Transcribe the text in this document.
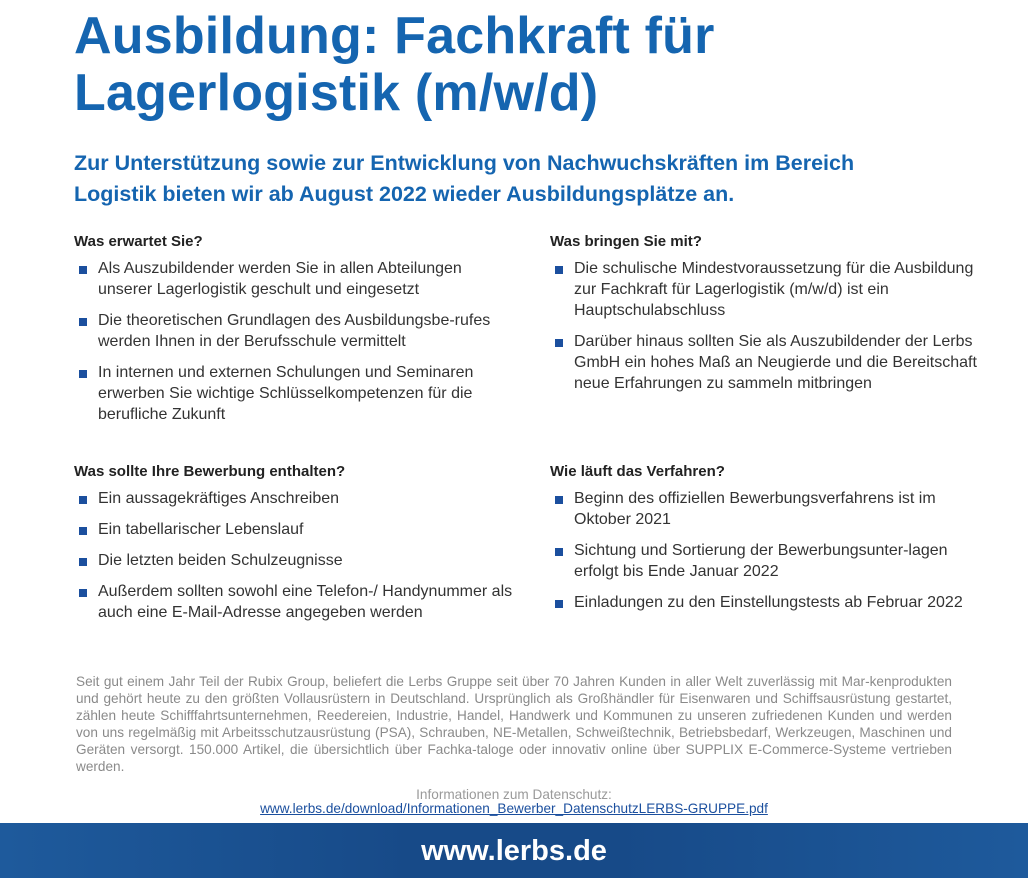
Ausbildung: Fachkraft für
Lagerlogistik (m/w/d)

Zur Unterstützung sowie zur Entwicklung von Nachwuchskräften im Bereich
Logistik bieten wir ab August 2022 wieder Ausbildungsplätze an.

Was erwartet Sie?
Als Auszubildender werden Sie in allen Abteilungen unserer Lagerlogistik geschult und eingesetzt
Die theoretischen Grundlagen des Ausbildungsbe-rufes werden Ihnen in der Berufsschule vermittelt
In internen und externen Schulungen und Seminaren erwerben Sie wichtige Schlüsselkompetenzen für die berufliche Zukunft
Was bringen Sie mit?
Die schulische Mindestvoraussetzung für die Ausbildung zur Fachkraft für Lagerlogistik (m/w/d) ist ein Hauptschulabschluss
Darüber hinaus sollten Sie als Auszubildender der Lerbs GmbH ein hohes Maß an Neugierde und die Bereitschaft neue Erfahrungen zu sammeln mitbringen
Was sollte Ihre Bewerbung enthalten?
Ein aussagekräftiges Anschreiben
Ein tabellarischer Lebenslauf
Die letzten beiden Schulzeugnisse
Außerdem sollten sowohl eine Telefon-/ Handynummer als auch eine E-Mail-Adresse angegeben werden
Wie läuft das Verfahren?
Beginn des offiziellen Bewerbungsverfahrens ist im Oktober 2021
Sichtung und Sortierung der Bewerbungsunter-lagen erfolgt bis Ende Januar 2022
Einladungen zu den Einstellungstests ab Februar 2022

Seit gut einem Jahr Teil der Rubix Group, beliefert die Lerbs Gruppe seit über 70 Jahren Kunden in aller Welt zuverlässig mit Mar-kenprodukten und gehört heute zu den größten Vollausrüstern in Deutschland. Ursprünglich als Großhändler für Eisenwaren und Schiffsausrüstung gestartet, zählen heute Schifffahrtsunternehmen, Reedereien, Industrie, Handel, Handwerk und Kommunen zu unseren zufriedenen Kunden und werden von uns regelmäßig mit Arbeitsschutzausrüstung (PSA), Schrauben, NE-Metallen, Schweißtechnik, Betriebsbedarf, Werkzeugen, Maschinen und Geräten versorgt. 150.000 Artikel, die übersichtlich über Fachka-taloge oder innovativ online über SUPPLIX E-Commerce-Systeme vertrieben werden.

Informationen zum Datenschutz:
www.lerbs.de/download/Informationen_Bewerber_DatenschutzLERBS-GRUPPE.pdf
www.lerbs.de
